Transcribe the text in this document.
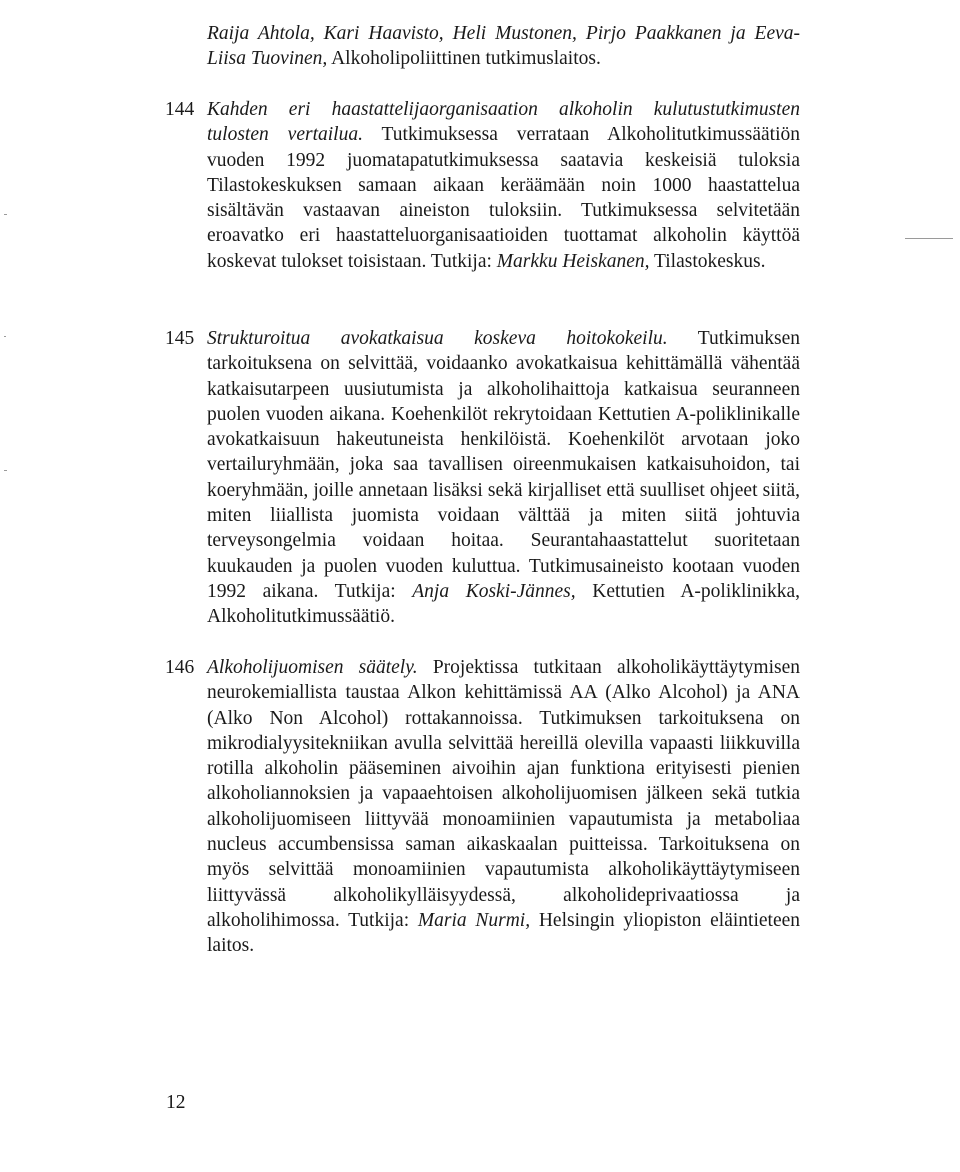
Raija Ahtola, Kari Haavisto, Heli Mustonen, Pirjo Paakkanen ja Eeva-Liisa Tuovinen, Alkoholipoliittinen tutkimuslaitos.
144 Kahden eri haastattelijaorganisaation alkoholin kulutustutkimusten tulosten vertailua. Tutkimuksessa verrataan Alkoholitutkimussäätiön vuoden 1992 juomatapatutkimuksessa saatavia keskeisiä tuloksia Tilastokeskuksen samaan aikaan keräämään noin 1000 haastattelua sisältävän vastaavan aineiston tuloksiin. Tutkimuksessa selvitetään eroavatko eri haastatteluorganisaatioiden tuottamat alkoholin käyttöä koskevat tulokset toisistaan. Tutkija: Markku Heiskanen, Tilastokeskus.
145 Strukturoitua avokatkaisua koskeva hoitokokeilu. Tutkimuksen tarkoituksena on selvittää, voidaanko avokatkaisua kehittämällä vähentää katkaisutarpeen uusiutumista ja alkoholihaittoja katkaisua seuranneen puolen vuoden aikana. Koehenkilöt rekrytoidaan Kettutien A-poliklinikalle avokatkaisuun hakeutuneista henkilöistä. Koehenkilöt arvotaan joko vertailuryhmään, joka saa tavallisen oireenmukaisen katkaisuhoidon, tai koeryhmään, joille annetaan lisäksi sekä kirjalliset että suulliset ohjeet siitä, miten liiallista juomista voidaan välttää ja miten siitä johtuvia terveysongelmia voidaan hoitaa. Seurantahaastattelut suoritetaan kuukauden ja puolen vuoden kuluttua. Tutkimusaineisto kootaan vuoden 1992 aikana. Tutkija: Anja Koski-Jännes, Kettutien A-poliklinikka, Alkoholitutkimussäätiö.
146 Alkoholijuomisen säätely. Projektissa tutkitaan alkoholikäyttäytymisen neurokemiallista taustaa Alkon kehittämissä AA (Alko Alcohol) ja ANA (Alko Non Alcohol) rottakannoissa. Tutkimuksen tarkoituksena on mikrodialyysitekniikan avulla selvittää hereillä olevilla vapaasti liikkuvilla rotilla alkoholin pääseminen aivoihin ajan funktiona erityisesti pienien alkoholiannoksien ja vapaaehtoisen alkoholijuomisen jälkeen sekä tutkia alkoholijuomiseen liittyvää monoamiinien vapautumista ja metaboliaa nucleus accumbensissa saman aikaskaalan puitteissa. Tarkoituksena on myös selvittää monoamiinien vapautumista alkoholikäyttäytymiseen liittyvässä alkoholikylläisyydessä, alkoholideprivaatiossa ja alkoholihimossa. Tutkija: Maria Nurmi, Helsingin yliopiston eläintieteen laitos.
12
